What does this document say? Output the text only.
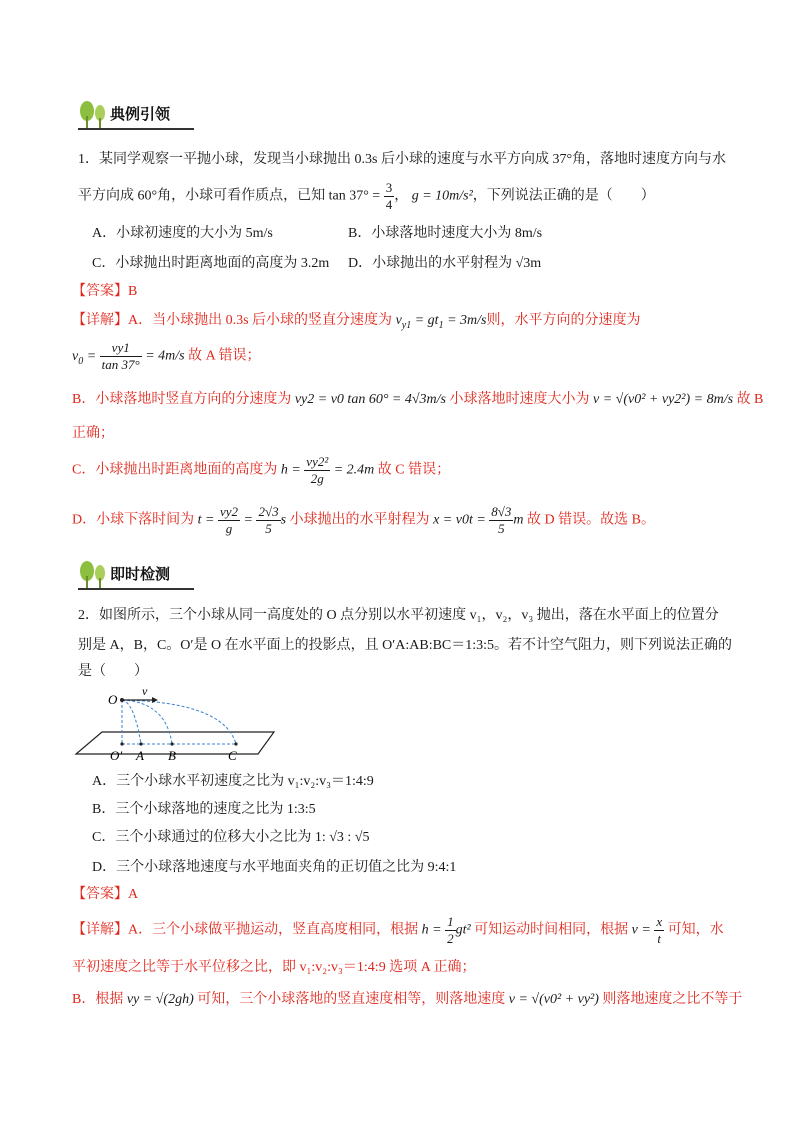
典例引领
1．某同学观察一平抛小球，发现当小球抛出 0.3s 后小球的速度与水平方向成 37°角，落地时速度方向与水
平方向成 60°角，小球可看作质点，已知 $\tan 37^\circ = \frac{3}{4}$ ， g = 10m/s²，下列说法正确的是（　　）
A．小球初速度的大小为 5m/s	B．小球落地时速度大小为 8m/s
C．小球抛出时距离地面的高度为 3.2m D．小球抛出的水平射程为 √3m
【答案】B
【详解】A．当小球抛出 0.3s 后小球的竖直分速度为 $v_{y1} = gt_1 = 3m/s$则，水平方向的分速度为
$v_0 = \frac{vy1}{\tan 37^\circ} = 4m/s$ 故 A 错误；
B．小球落地时竖直方向的分速度为 vy2 = v0 tan 60° = 4√3m/s 小球落地时速度大小为 v = √(v0² + vy2²) = 8m/s 故 B
正确；
C．小球抛出时距离地面的高度为 $h = \frac{\text{vy2²}}{2g} = 2.4m$ 故 C 错误；
D．小球下落时间为 $t = \frac{vy2}{g} = \frac{2√3}{5}$ s 小球抛出的水平射程为 $x = v0t = \frac{8√3}{5}$ m 故 D 错误。故选 B。
即时检测
2．如图所示，三个小球从同一高度处的 O 点分别以水平初速度 v₁，v₂，v₃ 抛出，落在水平面上的位置分
别是 A，B，C。O′是 O 在水平面上的投影点，且 O′A:AB:BC＝1:3:5。若不计空气阻力，则下列说法正确的
是（　　）
O
v
O′ A B	C
A．三个小球水平初速度之比为 v₁:v₂:v₃＝1:4:9
B．三个小球落地的速度之比为 1:3:5
C．三个小球通过的位移大小之比为 1: √3 : √5
D．三个小球落地速度与水平地面夹角的正切值之比为 9:4:1
【答案】A
【详解】A．三个小球做平抛运动，竖直高度相同，根据 $h = \frac{1}{2} gt^2$ 可知运动时间相同，根据 $v = \frac{x}{t}$ 可知，水
平初速度之比等于水平位移之比，即 v₁:v₂:v₃＝1:4:9 选项 A 正确；
B．根据 vy = √(2gh) 可知，三个小球落地的竖直速度相等，则落地速度 v = √(v0² + vy²) 则落地速度之比不等于
